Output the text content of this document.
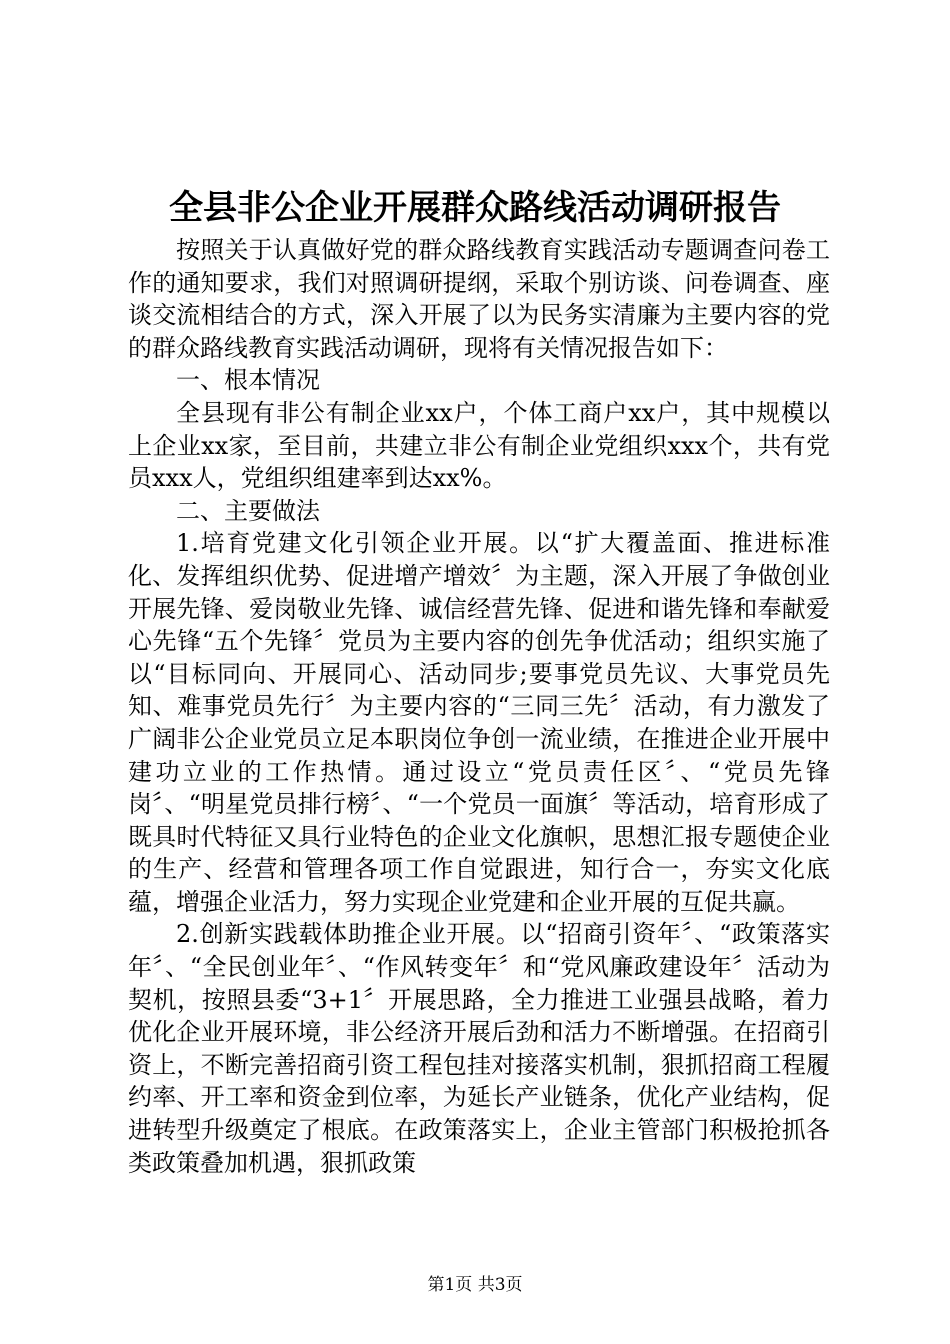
全县非公企业开展群众路线活动调研报告

按照关于认真做好党的群众路线教育实践活动专题调查问卷工作的通知要求，我们对照调研提纲，采取个别访谈、问卷调查、座谈交流相结合的方式，深入开展了以为民务实清廉为主要内容的党的群众路线教育实践活动调研，现将有关情况报告如下：

一、根本情况

全县现有非公有制企业xx户，个体工商户xx户，其中规模以上企业xx家，至目前，共建立非公有制企业党组织xxx个，共有党员xxx人，党组织组建率到达xx%。

二、主要做法

1.培育党建文化引领企业开展。以“扩大覆盖面、推进标准化、发挥组织优势、促进增产增效〞为主题，深入开展了争做创业开展先锋、爱岗敬业先锋、诚信经营先锋、促进和谐先锋和奉献爱心先锋“五个先锋〞党员为主要内容的创先争优活动；组织实施了以“目标同向、开展同心、活动同步;要事党员先议、大事党员先知、难事党员先行〞为主要内容的“三同三先〞活动，有力激发了广阔非公企业党员立足本职岗位争创一流业绩，在推进企业开展中建功立业的工作热情。通过设立“党员责任区〞、“党员先锋岗〞、“明星党员排行榜〞、“一个党员一面旗〞等活动，培育形成了既具时代特征又具行业特色的企业文化旗帜，思想汇报专题使企业的生产、经营和管理各项工作自觉跟进，知行合一，夯实文化底蕴，增强企业活力，努力实现企业党建和企业开展的互促共赢。

2.创新实践载体助推企业开展。以“招商引资年〞、“政策落实年〞、“全民创业年〞、“作风转变年〞和“党风廉政建设年〞活动为契机，按照县委“3+1〞开展思路，全力推进工业强县战略，着力优化企业开展环境，非公经济开展后劲和活力不断增强。在招商引资上，不断完善招商引资工程包挂对接落实机制，狠抓招商工程履约率、开工率和资金到位率，为延长产业链条，优化产业结构，促进转型升级奠定了根底。在政策落实上，企业主管部门积极抢抓各类政策叠加机遇，狠抓政策

第1页 共3页
